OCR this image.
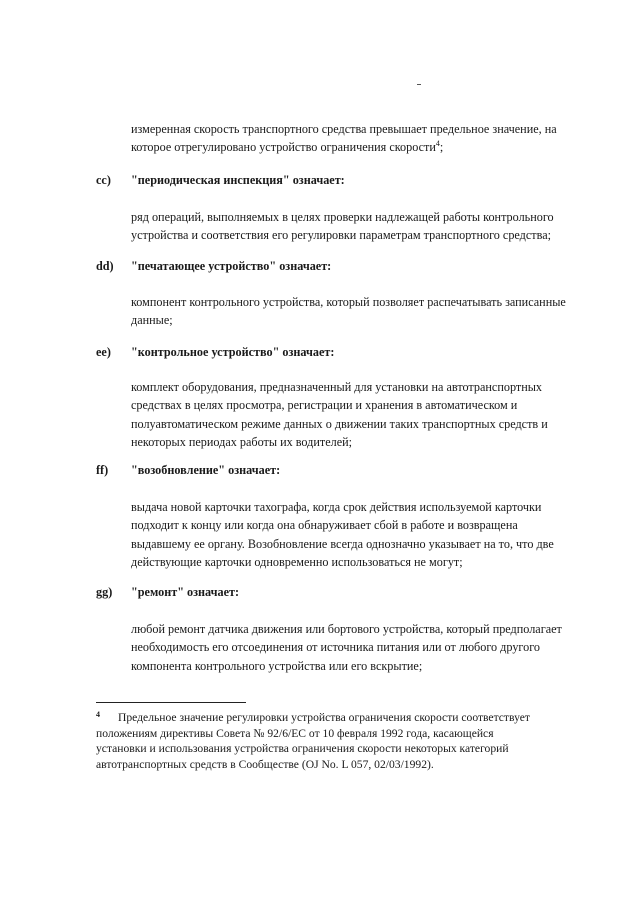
измеренная скорость транспортного средства превышает предельное значение, на

которое отрегулировано устройство ограничения скорости$^4$;

cc) "периодическая инспекция" означает:

ряд операций, выполняемых в целях проверки надлежащей работы контрольного

устройства и соответствия его регулировки параметрам транспортного средства;

dd) "печатающее устройство" означает:

компонент контрольного устройства, который позволяет распечатывать записанные

данные;

ee) "контрольное устройство" означает:

комплект оборудования, предназначенный для установки на автотранспортных

средствах в целях просмотра, регистрации и хранения в автоматическом и

полуавтоматическом режиме данных о движении таких транспортных средств и

некоторых периодах работы их водителей;

ff) "возобновление" означает:

выдача новой карточки тахографа, когда срок действия используемой карточки

подходит к концу или когда она обнаруживает сбой в работе и возвращена

выдавшему ее органу. Возобновление всегда однозначно указывает на то, что две

действующие карточки одновременно использоваться не могут;

gg) "ремонт" означает:

любой ремонт датчика движения или бортового устройства, который предполагает

необходимость его отсоединения от источника питания или от любого другого

компонента контрольного устройства или его вскрытие;

4	Предельное значение регулировки устройства ограничения скорости соответствует

положениям директивы Совета № 92/6/ЕС от 10 февраля 1992 года, касающейся

установки и использования устройства ограничения скорости некоторых категорий

автотранспортных средств в Сообществе (OJ No. L 057, 02/03/1992).
